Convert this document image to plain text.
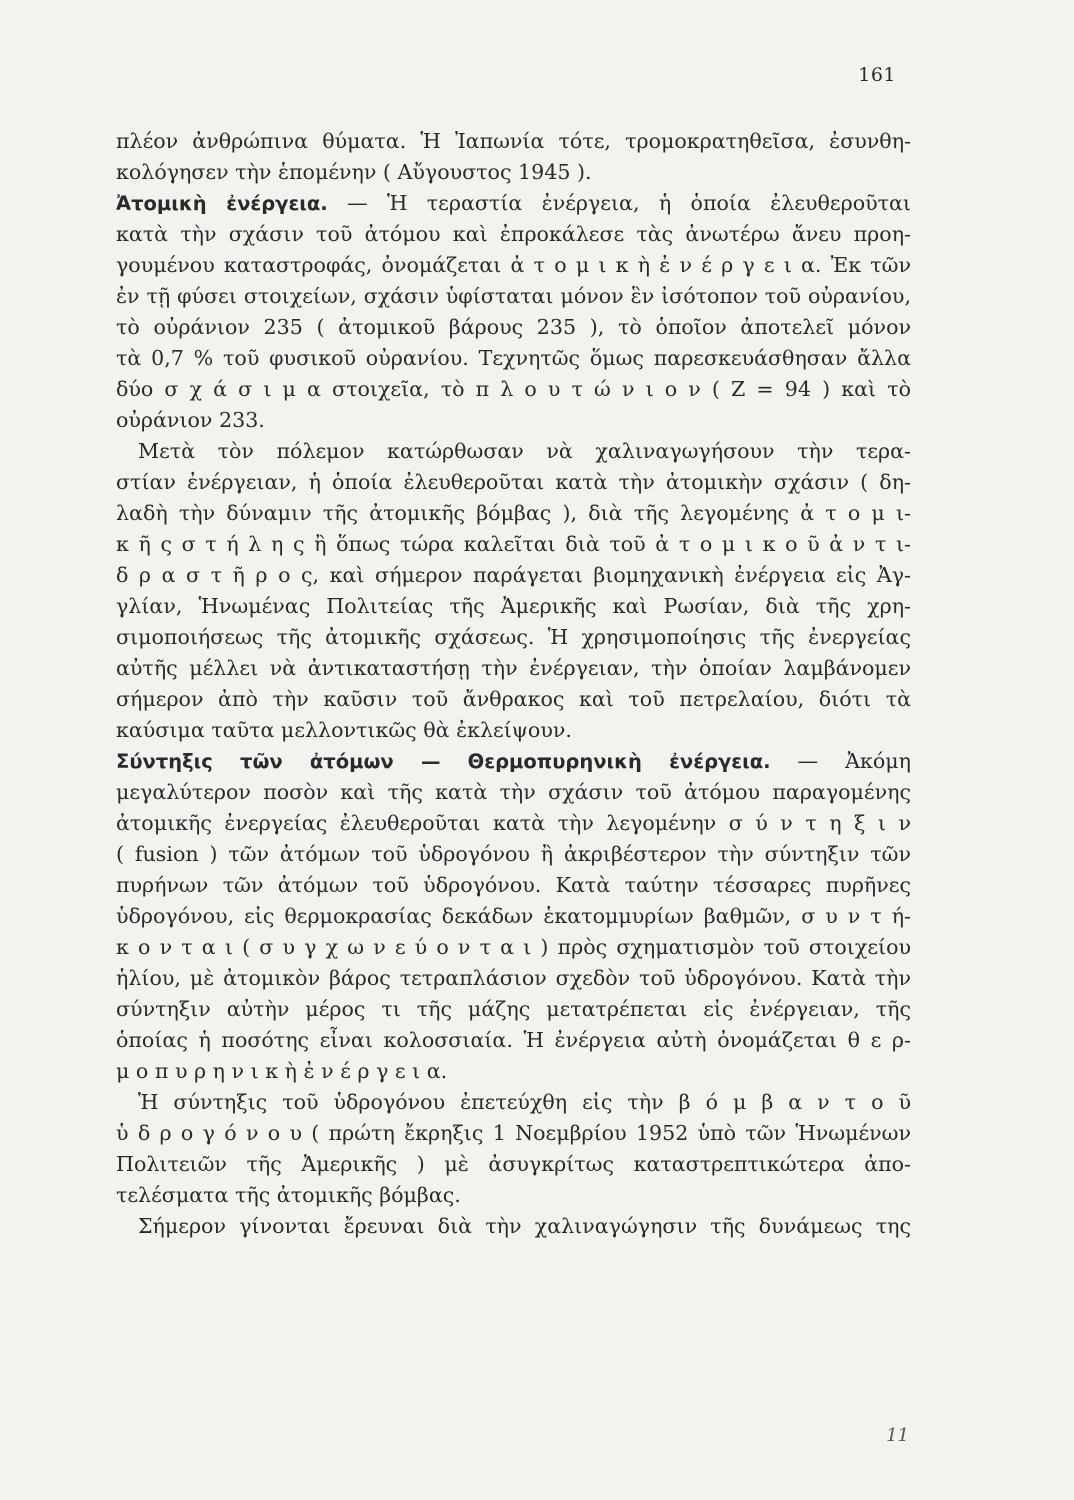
161
πλέον ἀνθρώπινα θύματα. Ἡ Ἰαπωνία τότε, τρομοκρατηθεῖσα, ἐσυνθη-
κολόγησεν τὴν ἑπομένην ( Αὔγουστος 1945 ).
Ἀτομικὴ ἐνέργεια. — Ἡ τεραστία ἐνέργεια, ἡ ὁποία ἐλευθεροῦται
κατὰ τὴν σχάσιν τοῦ ἀτόμου καὶ ἐπροκάλεσε τὰς ἀνωτέρω ἄνευ προη-
γουμένου καταστροφάς, ὀνομάζεται ἀ τ ο μ ι κ ὴ ἐ ν έ ρ γ ε ι α. Ἐκ τῶν
ἐν τῇ φύσει στοιχείων, σχάσιν ὑφίσταται μόνον ἓν ἰσότοπον τοῦ οὐρανίου,
τὸ οὐράνιον 235 ( ἀτομικοῦ βάρους 235 ), τὸ ὁποῖον ἀποτελεῖ μόνον
τὰ 0,7 % τοῦ φυσικοῦ οὐρανίου. Τεχνητῶς ὅμως παρεσκευάσθησαν ἄλλα
δύο σ χ ά σ ι μ α στοιχεῖα, τὸ π λ ο υ τ ώ ν ι ο ν ( Ζ = 94 ) καὶ τὸ
οὐράνιον 233.
Μετὰ τὸν πόλεμον κατώρθωσαν νὰ χαλιναγωγήσουν τὴν τερα-
στίαν ἐνέργειαν, ἡ ὁποία ἐλευθεροῦται κατὰ τὴν ἀτομικὴν σχάσιν ( δη-
λαδὴ τὴν δύναμιν τῆς ἀτομικῆς βόμβας ), διὰ τῆς λεγομένης ἀ τ ο μ ι-
κ ῆ ς σ τ ή λ η ς ἢ ὅπως τώρα καλεῖται διὰ τοῦ ἀ τ ο μ ι κ ο ῦ ἀ ν τ ι-
δ ρ α σ τ ῆ ρ ο ς, καὶ σήμερον παράγεται βιομηχανικὴ ἐνέργεια εἰς Ἀγ-
γλίαν, Ἡνωμένας Πολιτείας τῆς Ἀμερικῆς καὶ Ρωσίαν, διὰ τῆς χρη-
σιμοποιήσεως τῆς ἀτομικῆς σχάσεως. Ἡ χρησιμοποίησις τῆς ἐνεργείας
αὐτῆς μέλλει νὰ ἀντικαταστήσῃ τὴν ἐνέργειαν, τὴν ὁποίαν λαμβάνομεν
σήμερον ἀπὸ τὴν καῦσιν τοῦ ἄνθρακος καὶ τοῦ πετρελαίου, διότι τὰ
καύσιμα ταῦτα μελλοντικῶς θὰ ἐκλείψουν.
Σύντηξις τῶν ἀτόμων — Θερμοπυρηνικὴ ἐνέργεια. — Ἀκόμη
μεγαλύτερον ποσὸν καὶ τῆς κατὰ τὴν σχάσιν τοῦ ἀτόμου παραγομένης
ἀτομικῆς ἐνεργείας ἐλευθεροῦται κατὰ τὴν λεγομένην σ ύ ν τ η ξ ι ν
( fusion ) τῶν ἀτόμων τοῦ ὑδρογόνου ἢ ἀκριβέστερον τὴν σύντηξιν τῶν
πυρήνων τῶν ἀτόμων τοῦ ὑδρογόνου. Κατὰ ταύτην τέσσαρες πυρῆνες
ὑδρογόνου, εἰς θερμοκρασίας δεκάδων ἑκατομμυρίων βαθμῶν, σ υ ν τ ή-
κ ο ν τ α ι ( σ υ γ χ ω ν ε ύ ο ν τ α ι ) πρὸς σχηματισμὸν τοῦ στοιχείου
ἡλίου, μὲ ἀτομικὸν βάρος τετραπλάσιον σχεδὸν τοῦ ὑδρογόνου. Κατὰ τὴν
σύντηξιν αὐτὴν μέρος τι τῆς μάζης μετατρέπεται εἰς ἐνέργειαν, τῆς
ὁποίας ἡ ποσότης εἶναι κολοσσιαία. Ἡ ἐνέργεια αὐτὴ ὀνομάζεται θ ε ρ-
μ ο π υ ρ η ν ι κ ὴ ἐ ν έ ρ γ ε ι α.
Ἡ σύντηξις τοῦ ὑδρογόνου ἐπετεύχθη εἰς τὴν β ό μ β α ν τ ο ῦ
ὑ δ ρ ο γ ό ν ο υ ( πρώτη ἔκρηξις 1 Νοεμβρίου 1952 ὑπὸ τῶν Ἡνωμένων
Πολιτειῶν τῆς Ἀμερικῆς ) μὲ ἀσυγκρίτως καταστρεπτικώτερα ἀπο-
τελέσματα τῆς ἀτομικῆς βόμβας.
Σήμερον γίνονται ἔρευναι διὰ τὴν χαλιναγώγησιν τῆς δυνάμεως της
11
